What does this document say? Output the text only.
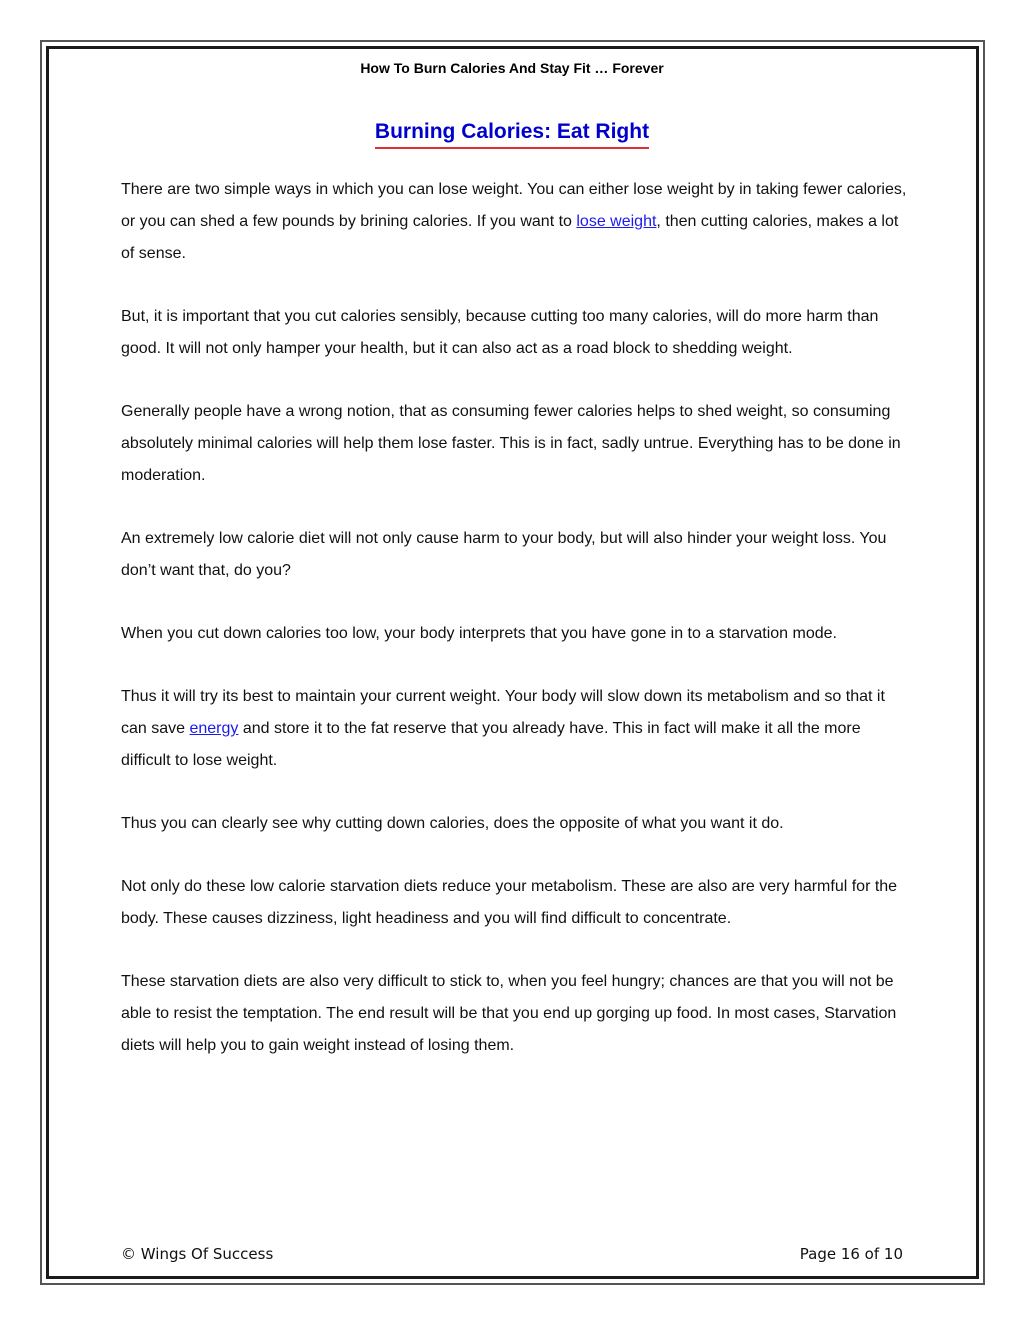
How To Burn Calories And Stay Fit … Forever
Burning Calories: Eat Right

There are two simple ways in which you can lose weight. You can either lose weight by in taking fewer calories, or you can shed a few pounds by brining calories. If you want to lose weight, then cutting calories, makes a lot of sense.

But, it is important that you cut calories sensibly, because cutting too many calories, will do more harm than good. It will not only hamper your health, but it can also act as a road block to shedding weight.

Generally people have a wrong notion, that as consuming fewer calories helps to shed weight, so consuming absolutely minimal calories will help them lose faster. This is in fact, sadly untrue. Everything has to be done in moderation.

An extremely low calorie diet will not only cause harm to your body, but will also hinder your weight loss. You don’t want that, do you?

When you cut down calories too low, your body interprets that you have gone in to a starvation mode.

Thus it will try its best to maintain your current weight. Your body will slow down its metabolism and so that it can save energy and store it to the fat reserve that you already have. This in fact will make it all the more difficult to lose weight.

Thus you can clearly see why cutting down calories, does the opposite of what you want it do.

Not only do these low calorie starvation diets reduce your metabolism. These are also are very harmful for the body. These causes dizziness, light headiness and you will find difficult to concentrate.

These starvation diets are also very difficult to stick to, when you feel hungry; chances are that you will not be able to resist the temptation. The end result will be that you end up gorging up food. In most cases, Starvation diets will help you to gain weight instead of losing them.

© Wings Of Success	Page 16 of 10
